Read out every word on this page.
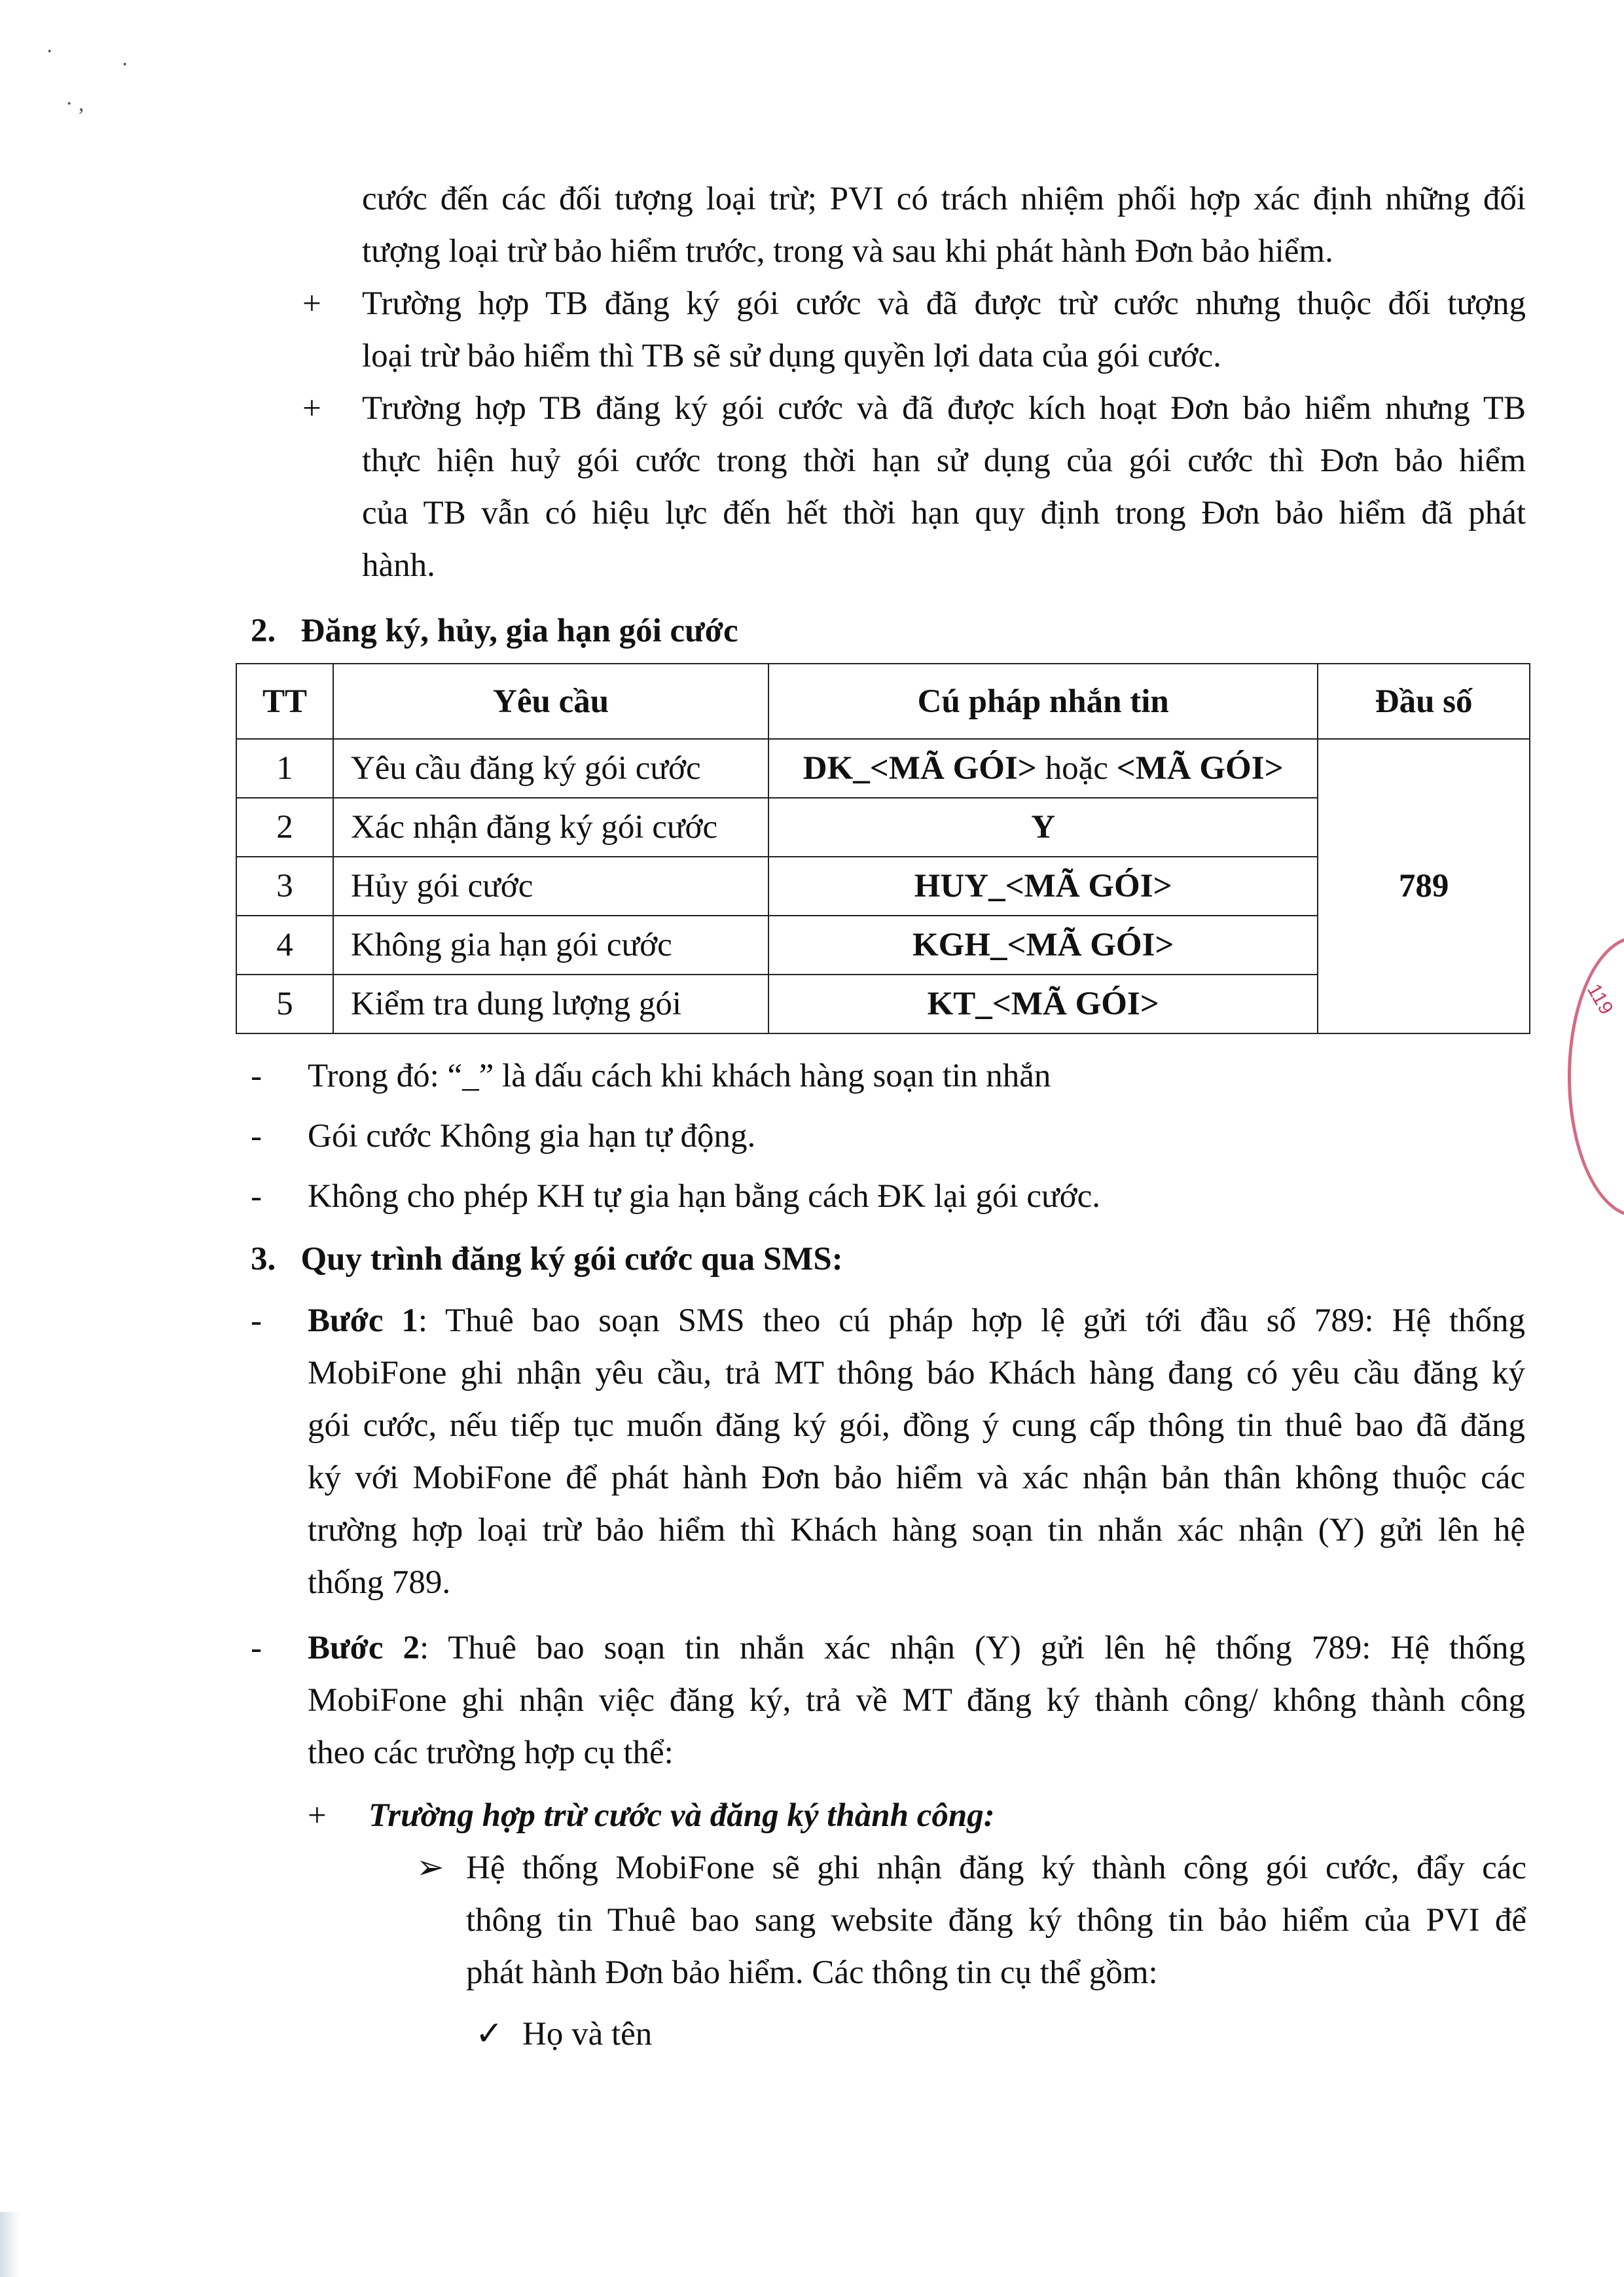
·
·
· ,
cước đến các đối tượng loại trừ; PVI có trách nhiệm phối hợp xác định những đối
tượng loại trừ bảo hiểm trước, trong và sau khi phát hành Đơn bảo hiểm.
+ Trường hợp TB đăng ký gói cước và đã được trừ cước nhưng thuộc đối tượng
loại trừ bảo hiểm thì TB sẽ sử dụng quyền lợi data của gói cước.
+ Trường hợp TB đăng ký gói cước và đã được kích hoạt Đơn bảo hiểm nhưng TB
thực hiện huỷ gói cước trong thời hạn sử dụng của gói cước thì Đơn bảo hiểm
của TB vẫn có hiệu lực đến hết thời hạn quy định trong Đơn bảo hiểm đã phát
hành.
2.   Đăng ký, hủy, gia hạn gói cước
TT	Yêu cầu	Cú pháp nhắn tin	Đầu số
1	Yêu cầu đăng ký gói cước	DK_<MÃ GÓI> hoặc <MÃ GÓI>	789
2	Xác nhận đăng ký gói cước	Y	
3	Hủy gói cước	HUY_<MÃ GÓI>	
4	Không gia hạn gói cước	KGH_<MÃ GÓI>	
5	Kiểm tra dung lượng gói	KT_<MÃ GÓI>	
- Trong đó: “_” là dấu cách khi khách hàng soạn tin nhắn
- Gói cước Không gia hạn tự động.
- Không cho phép KH tự gia hạn bằng cách ĐK lại gói cước.
3.   Quy trình đăng ký gói cước qua SMS:
- Bước 1: Thuê bao soạn SMS theo cú pháp hợp lệ gửi tới đầu số 789: Hệ thống
MobiFone ghi nhận yêu cầu, trả MT thông báo Khách hàng đang có yêu cầu đăng ký
gói cước, nếu tiếp tục muốn đăng ký gói, đồng ý cung cấp thông tin thuê bao đã đăng
ký với MobiFone để phát hành Đơn bảo hiểm và xác nhận bản thân không thuộc các
trường hợp loại trừ bảo hiểm thì Khách hàng soạn tin nhắn xác nhận (Y) gửi lên hệ
thống 789.
- Bước 2: Thuê bao soạn tin nhắn xác nhận (Y) gửi lên hệ thống 789: Hệ thống
MobiFone ghi nhận việc đăng ký, trả về MT đăng ký thành công/ không thành công
theo các trường hợp cụ thể:
+ Trường hợp trừ cước và đăng ký thành công:
➢ Hệ thống MobiFone sẽ ghi nhận đăng ký thành công gói cước, đẩy các
thông tin Thuê bao sang website đăng ký thông tin bảo hiểm của PVI để
phát hành Đơn bảo hiểm. Các thông tin cụ thể gồm:
✓ Họ và tên
119
